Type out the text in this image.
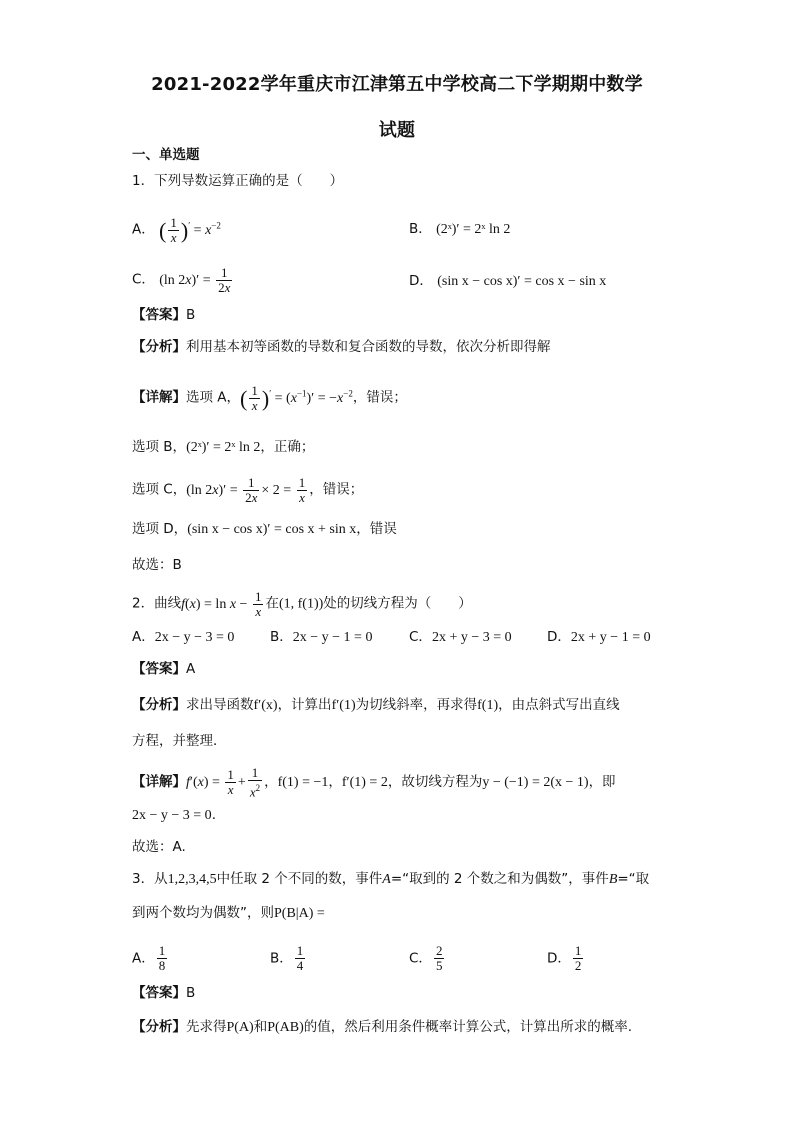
2021-2022学年重庆市江津第五中学校高二下学期期中数学
试题
一、单选题
1．下列导数运算正确的是（　　）
A． ( $\frac{1}{x} )' = x^{-2}$	B． (2ˣ)′ = 2ˣ ln 2
C． (ln $2x)' = \frac{1}{2x}$	D． (sin x − cos x)′ = cos x − sin x
【答案】B
【分析】利用基本初等函数的导数和复合函数的导数，依次分析即得解
【详解】选项 A，( $\frac{1}{x} )' = (x^{-1})' = -x^{-2}$，错误；
选项 B，(2ˣ)′ = 2ˣ ln 2，正确；
选项 C，(ln $2x)' = \frac{1}{2x} \times 2 = \frac{1}{x}$ ，错误；
选项 D，(sin x − cos x)′ = cos x + sin x，错误
故选：B
2．曲线$f(x) = \ln x - \frac{1}{x}$ 在(1, f(1))处的切线方程为（　　）
A．2x − y − 3 = 0	B．2x − y − 1 = 0	C．2x + y − 3 = 0	D．2x + y − 1 = 0
【答案】A
【分析】求出导函数f′(x)，计算出f′(1)为切线斜率，再求得f(1)，由点斜式写出直线
方程，并整理．
【详解】$f'(x) = \frac{1}{x} + \frac{1}{x^2}$ ，f(1) = −1，f′(1) = 2，故切线方程为y − (−1) = 2(x − 1)，即
2x − y − 3 = 0.
故选：A.
3．从1,2,3,4,5中任取 2 个不同的数，事件A=“取到的 2 个数之和为偶数”，事件B=“取
到两个数均为偶数”，则P(B|A) =
A． $\frac{1}{8}$	B． $\frac{1}{4}$	C． $\frac{2}{5}$	D． $\frac{1}{2}$
【答案】B
【分析】先求得P(A)和P(AB)的值，然后利用条件概率计算公式，计算出所求的概率.
